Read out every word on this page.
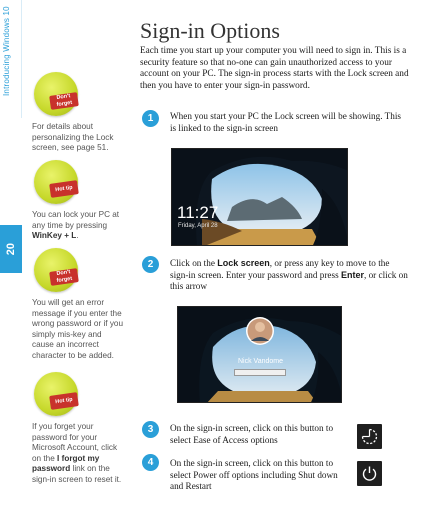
Introducing Windows 10
20
Don't
forget
For details about personalizing the Lock screen, see page 51.
Hot tip
You can lock your PC at any time by pressing WinKey + L.
Don't
forget
You will get an error message if you enter the wrong password or if you simply mis-key and cause an incorrect character to be added.
Hot tip
If you forget your password for your Microsoft Account, click on the I forgot my password link on the sign-in screen to reset it.
Sign-in Options
Each time you start up your computer you will need to sign in. This is a security feature so that no-one can gain unauthorized access to your account on your PC. The sign-in process starts with the Lock screen and then you have to enter your sign-in password.
1	When you start your PC the Lock screen will be showing. This is linked to the sign-in screen
11:27
Friday, April 28
2	Click on the Lock screen, or press any key to move to the sign-in screen. Enter your password and press Enter, or click on this arrow
Nick Vandome
3	On the sign-in screen, click on this button to select Ease of Access options
4	On the sign-in screen, click on this button to select Power off options including Shut down and Restart
